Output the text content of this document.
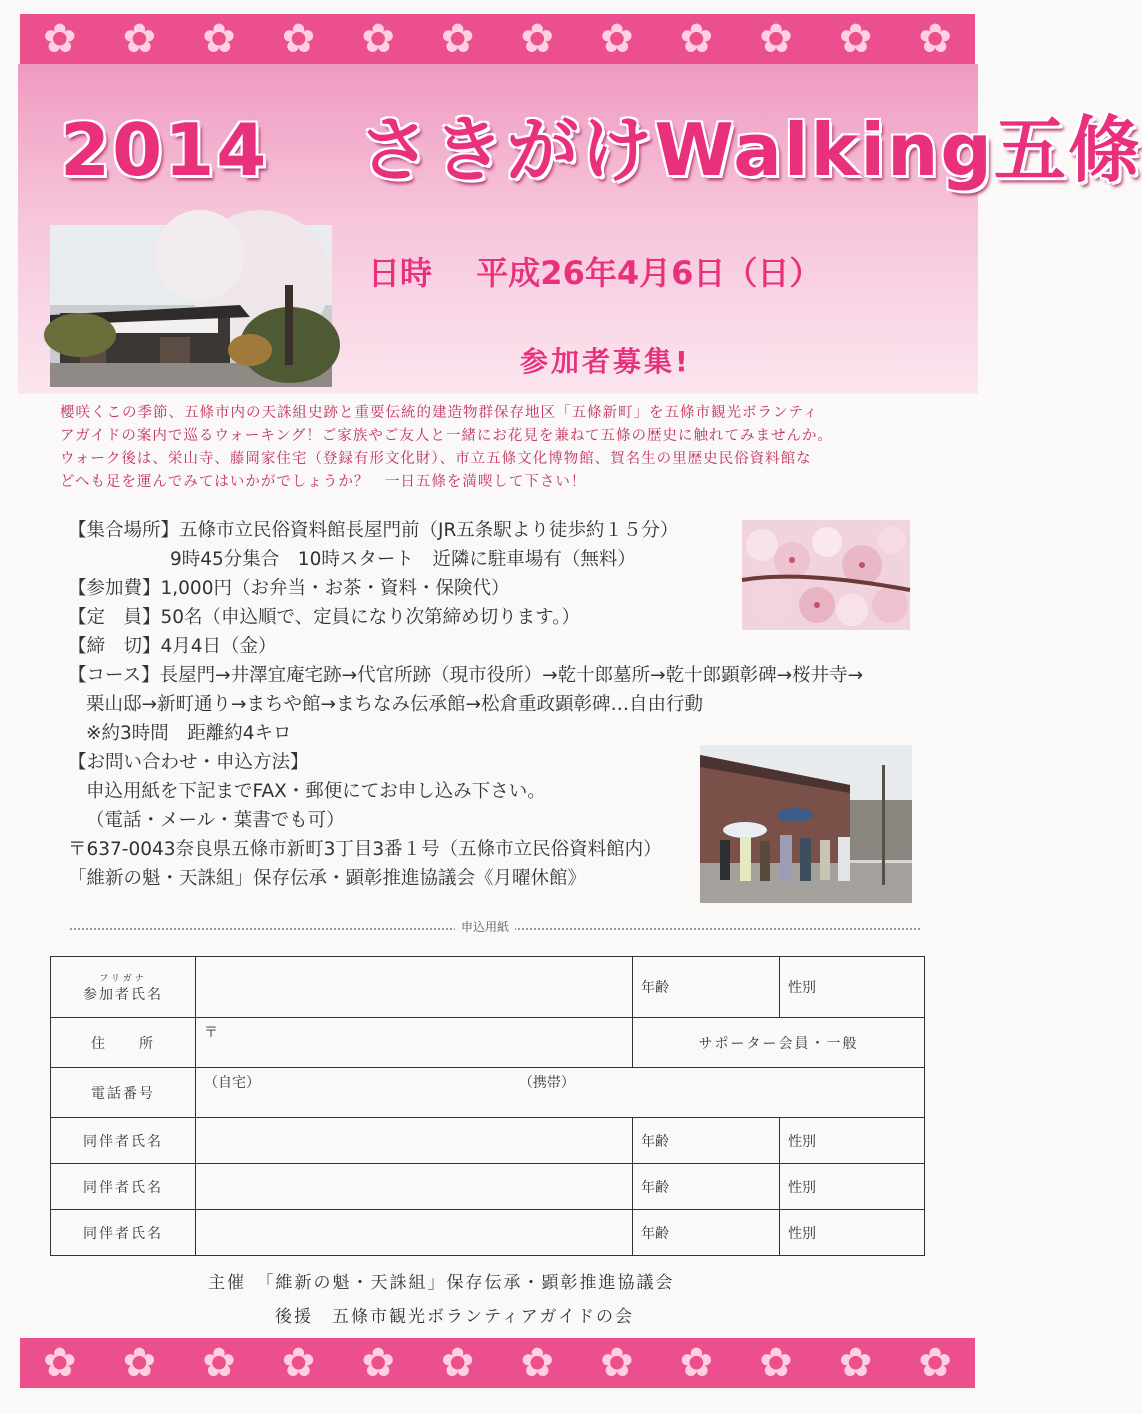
✿ ✿ ✿ ✿ ✿ ✿ ✿ ✿ ✿ ✿ ✿ ✿
2014 さきがけWalking五條
日時 平成26年4月6日（日）
参加者募集!
櫻咲くこの季節、五條市内の天誅組史跡と重要伝統的建造物群保存地区「五條新町」を五條市観光ボランティ
アガイドの案内で巡るウォーキング！ご家族やご友人と一緒にお花見を兼ねて五條の歴史に触れてみませんか。
ウォーク後は、栄山寺、藤岡家住宅（登録有形文化財）、市立五條文化博物館、賀名生の里歴史民俗資料館な
どへも足を運んでみてはいかがでしょうか？　一日五條を満喫して下さい！
【集合場所】五條市立民俗資料館長屋門前（JR五条駅より徒歩約１５分）
9時45分集合　10時スタート　近隣に駐車場有（無料）
【参加費】1,000円（お弁当・お茶・資料・保険代）
【定　員】50名（申込順で、定員になり次第締め切ります。）
【締　切】4月4日（金）
【コース】長屋門→井澤宜庵宅跡→代官所跡（現市役所）→乾十郎墓所→乾十郎顕彰碑→桜井寺→
栗山邸→新町通り→まちや館→まちなみ伝承館→松倉重政顕彰碑…自由行動
※約3時間　距離約4キロ
【お問い合わせ・申込方法】
申込用紙を下記までFAX・郵便にてお申し込み下さい。
（電話・メール・葉書でも可）
〒637-0043奈良県五條市新町3丁目3番１号（五條市立民俗資料館内）
「維新の魁・天誅組」保存伝承・顕彰推進協議会《月曜休館》
申込用紙
フリガナ
参加者氏名		年齢	性別
住　　所	〒	サポーター会員・一般	
電話番号	（自宅） （携帯）		
同伴者氏名		年齢	性別
同伴者氏名		年齢	性別
同伴者氏名		年齢	性別
主催　「維新の魁・天誅組」保存伝承・顕彰推進協議会
後援　五條市観光ボランティアガイドの会
✿ ✿ ✿ ✿ ✿ ✿ ✿ ✿ ✿ ✿ ✿ ✿
